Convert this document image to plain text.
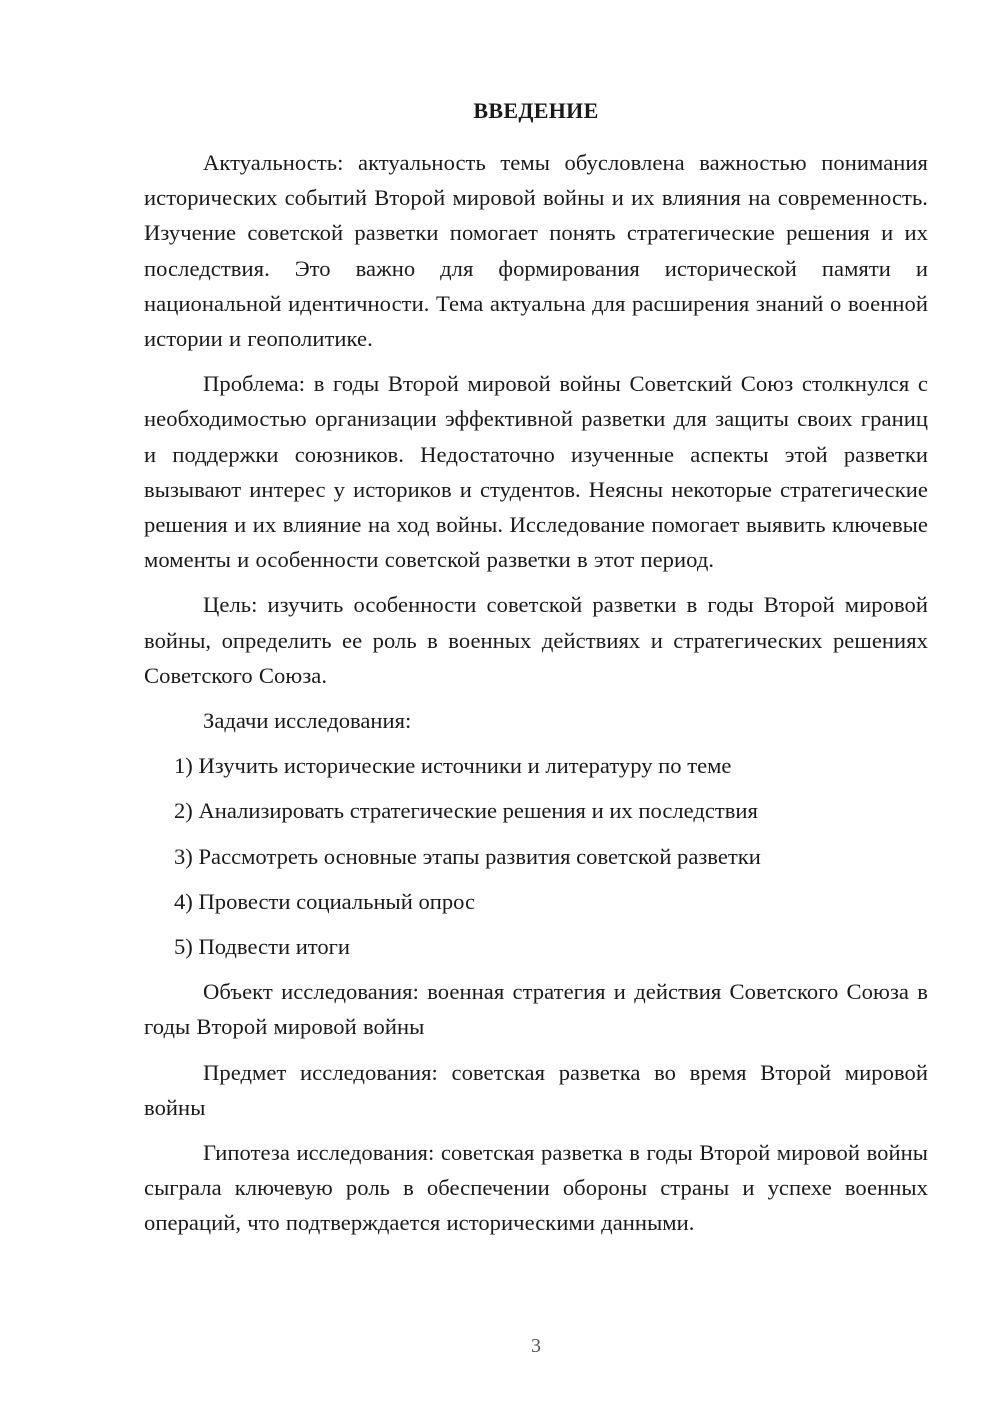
ВВЕДЕНИЕ

Актуальность: актуальность темы обусловлена важностью понимания исторических событий Второй мировой войны и их влияния на современность. Изучение советской разветки помогает понять стратегические решения и их последствия. Это важно для формирования исторической памяти и национальной идентичности. Тема актуальна для расширения знаний о военной истории и геополитике.

Проблема: в годы Второй мировой войны Советский Союз столкнулся с необходимостью организации эффективной разветки для защиты своих границ и поддержки союзников. Недостаточно изученные аспекты этой разветки вызывают интерес у историков и студентов. Неясны некоторые стратегические решения и их влияние на ход войны. Исследование помогает выявить ключевые моменты и особенности советской разветки в этот период.

Цель: изучить особенности советской разветки в годы Второй мировой войны, определить ее роль в военных действиях и стратегических решениях Советского Союза.

Задачи исследования:

1) Изучить исторические источники и литературу по теме
2) Анализировать стратегические решения и их последствия
3) Рассмотреть основные этапы развития советской разветки
4) Провести социальный опрос
5) Подвести итоги

Объект исследования: военная стратегия и действия Советского Союза в годы Второй мировой войны

Предмет исследования: советская разветка во время Второй мировой войны

Гипотеза исследования: советская разветка в годы Второй мировой войны сыграла ключевую роль в обеспечении обороны страны и успехе военных операций, что подтверждается историческими данными.

3
